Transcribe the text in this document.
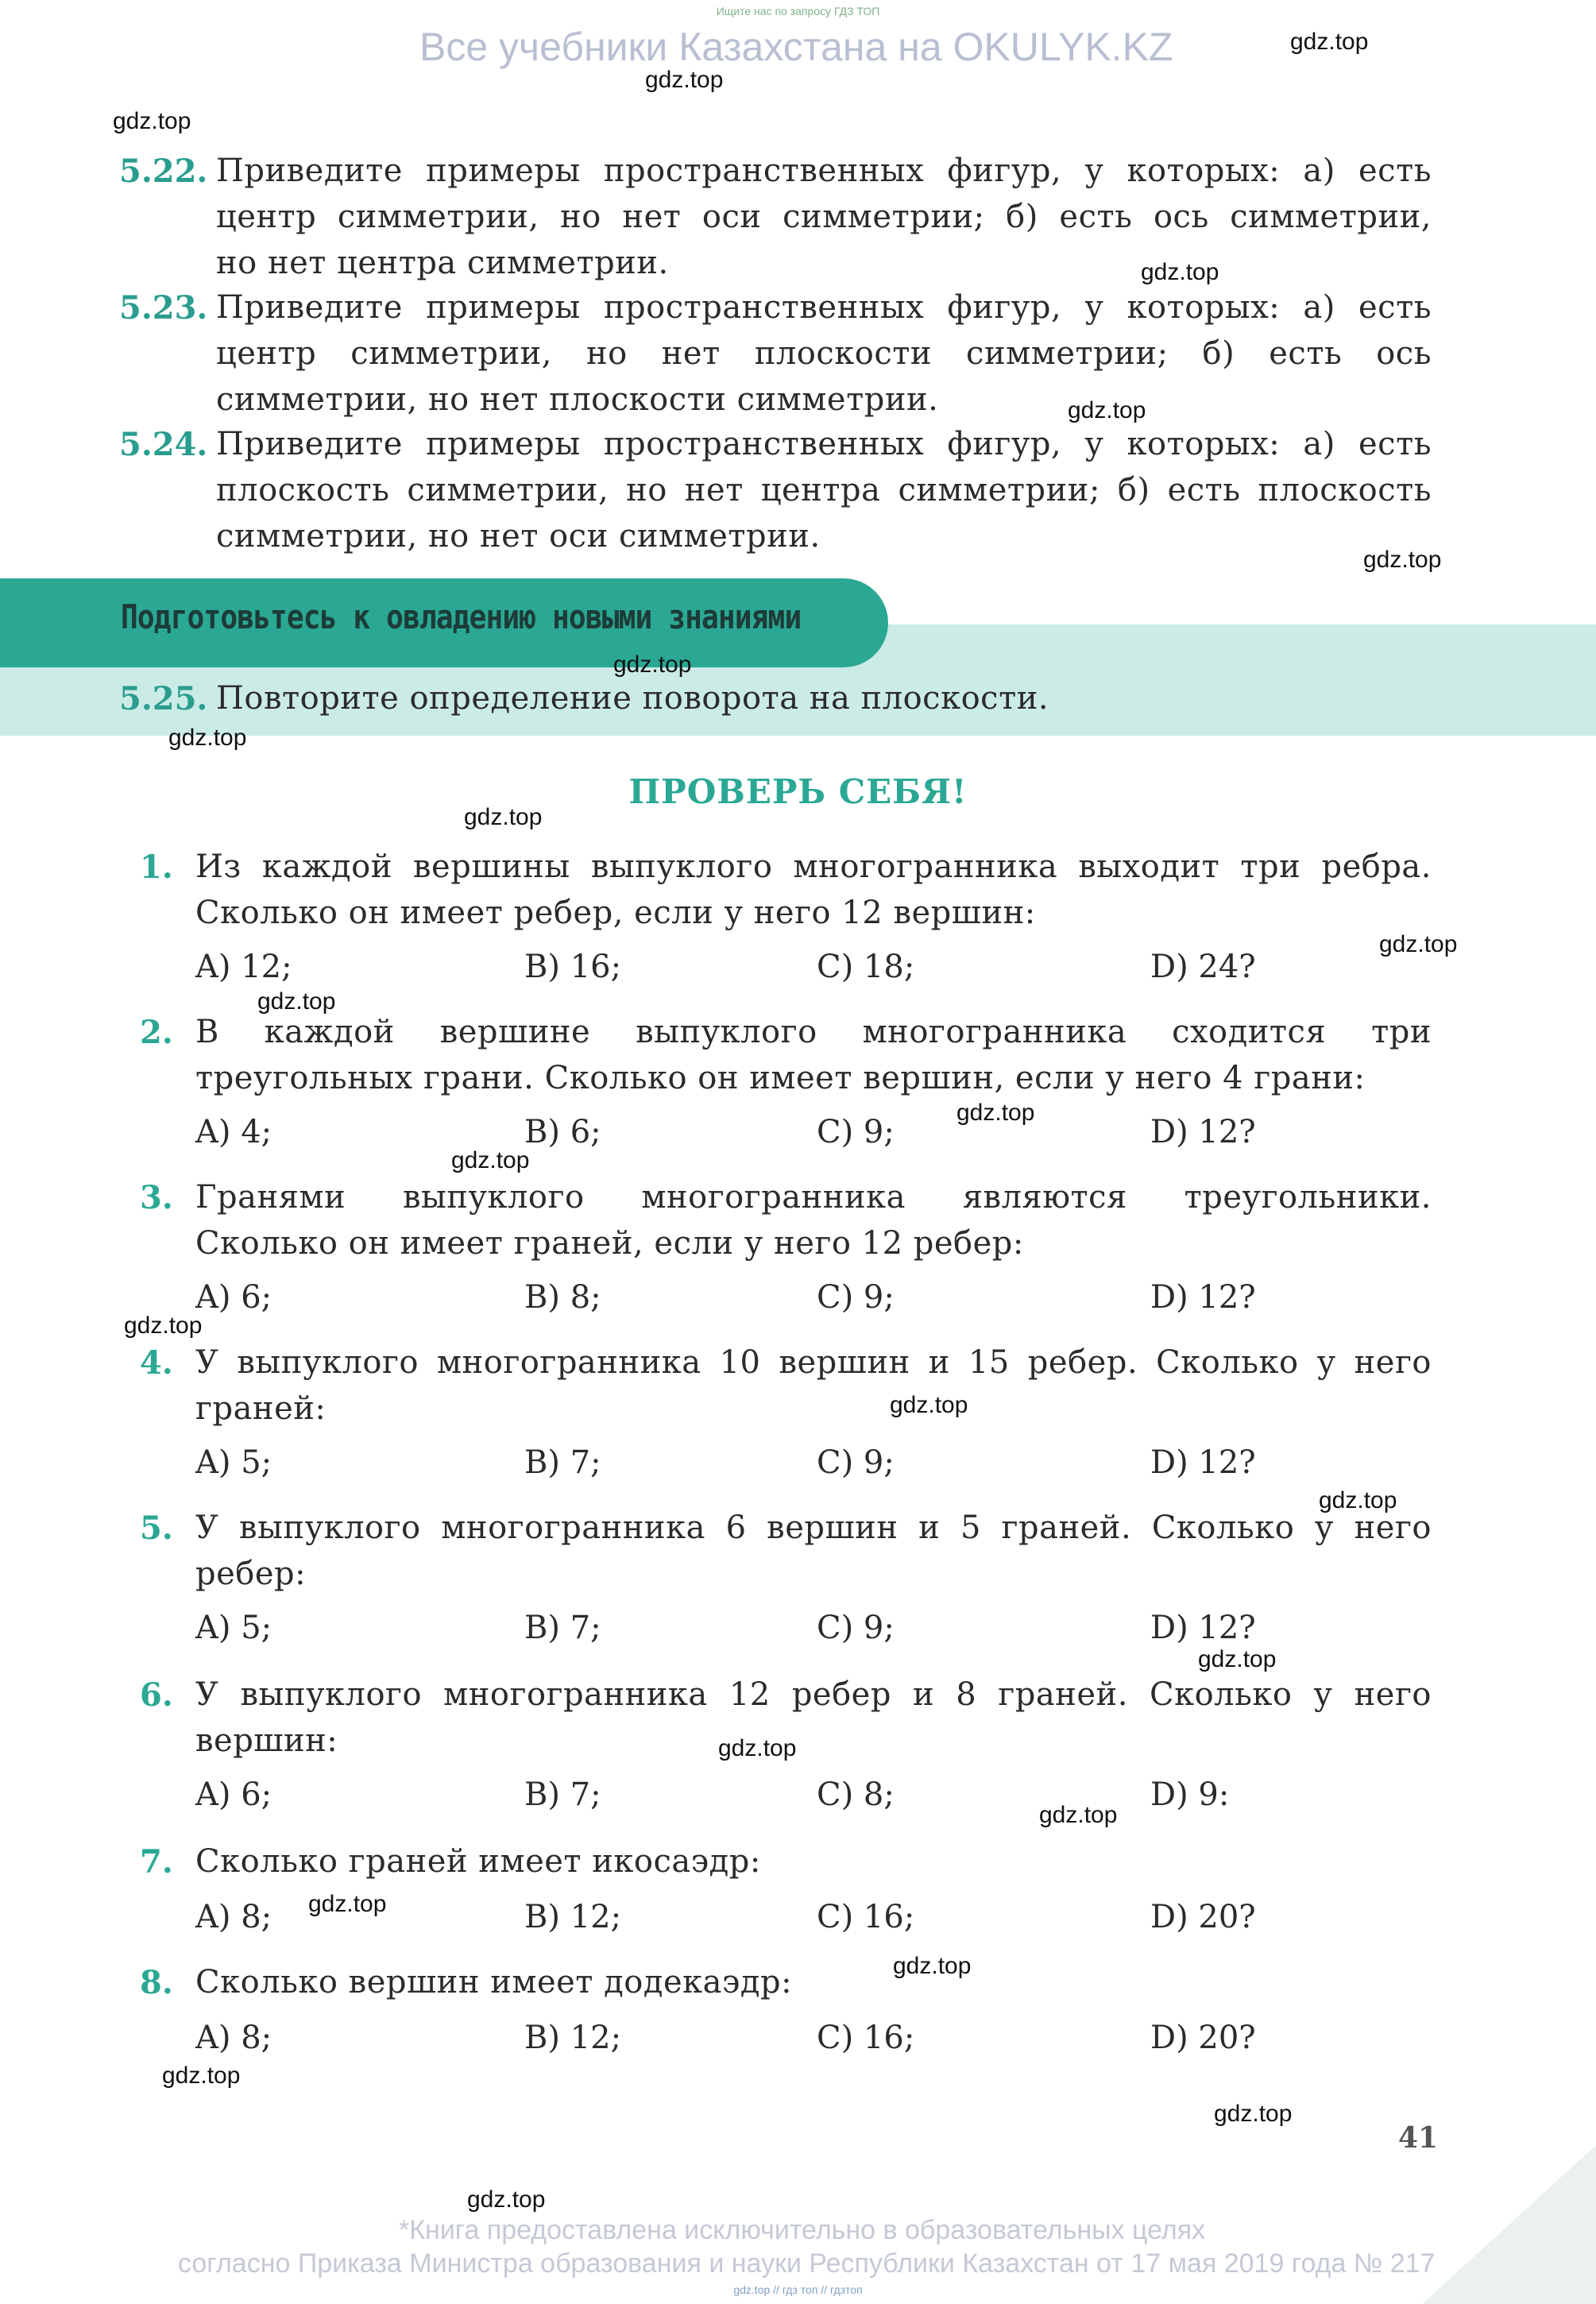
Ищите нас по запросу ГДЗ ТОП
Все учебники Казахстана на OKULYK.KZ
5.22. Приведите примеры пространственных фигур, у которых: а) есть
центр симметрии, но нет оси симметрии; б) есть ось симметрии,
но нет центра симметрии.
5.23. Приведите примеры пространственных фигур, у которых: а) есть
центр симметрии, но нет плоскости симметрии; б) есть ось
симметрии, но нет плоскости симметрии.
5.24. Приведите примеры пространственных фигур, у которых: а) есть
плоскость симметрии, но нет центра симметрии; б) есть плоскость
симметрии, но нет оси симметрии.
Подготовьтесь к овладению новыми знаниями
5.25. Повторите определение поворота на плоскости.
ПРОВЕРЬ СЕБЯ!
1. Из каждой вершины выпуклого многогранника выходит три ребра.
Сколько он имеет ребер, если у него 12 вершин:
A) 12;	B) 16;	C) 18;	D) 24?
2. В каждой вершине выпуклого многогранника сходится три
треугольных грани. Сколько он имеет вершин, если у него 4 грани:
A) 4;	B) 6;	C) 9;	D) 12?
3. Гранями выпуклого многогранника являются треугольники.
Сколько он имеет граней, если у него 12 ребер:
A) 6;	B) 8;	C) 9;	D) 12?
4. У выпуклого многогранника 10 вершин и 15 ребер. Сколько у него
граней:
A) 5;	B) 7;	C) 9;	D) 12?
5. У выпуклого многогранника 6 вершин и 5 граней. Сколько у него
ребер:
A) 5;	B) 7;	C) 9;	D) 12?
6. У выпуклого многогранника 12 ребер и 8 граней. Сколько у него
вершин:
A) 6;	B) 7;	C) 8;	D) 9:
7. Сколько граней имеет икосаэдр:
A) 8;	B) 12;	C) 16;	D) 20?
8. Сколько вершин имеет додекаэдр:
A) 8;	B) 12;	C) 16;	D) 20?
41
*Книга предоставлена исключительно в образовательных целях
согласно Приказа Министра образования и науки Республики Казахстан от 17 мая 2019 года № 217
gdz.top // гдз топ // гдзтоп
gdz.top
gdz.top
gdz.top
gdz.top
gdz.top
gdz.top
gdz.top
gdz.top
gdz.top
gdz.top
gdz.top
gdz.top
gdz.top
gdz.top
gdz.top
gdz.top
gdz.top
gdz.top
gdz.top
gdz.top
gdz.top
gdz.top
gdz.top
gdz.top
